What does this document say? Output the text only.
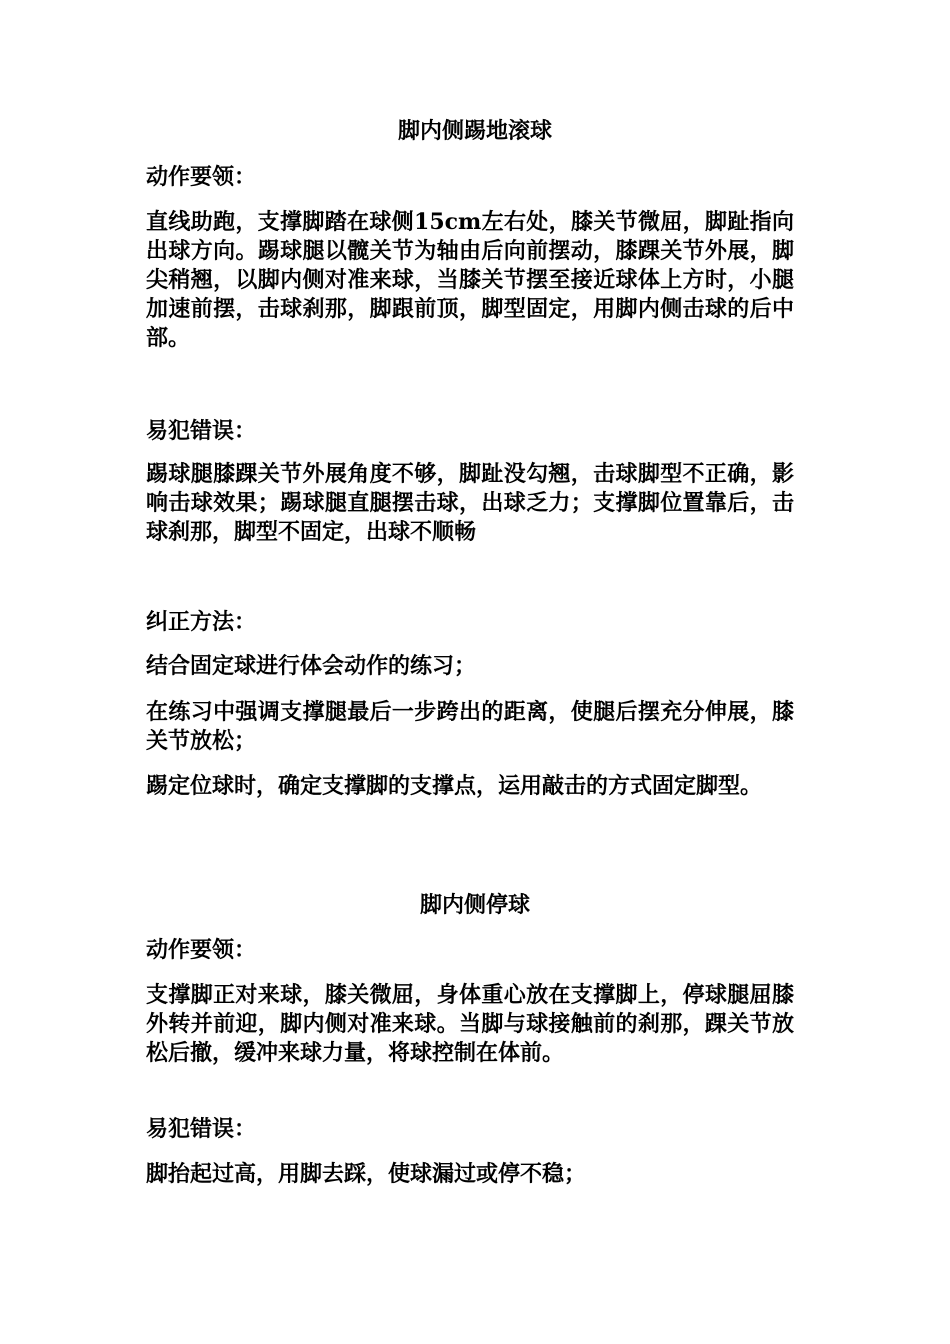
脚内侧踢地滚球

动作要领：

直线助跑，支撑脚踏在球侧15cm左右处，膝关节微屈，脚趾指向出球方向。踢球腿以髋关节为轴由后向前摆动，膝踝关节外展，脚尖稍翘，以脚内侧对准来球，当膝关节摆至接近球体上方时，小腿加速前摆，击球刹那，脚跟前顶，脚型固定，用脚内侧击球的后中部。

易犯错误：

踢球腿膝踝关节外展角度不够，脚趾没勾翘，击球脚型不正确，影响击球效果；踢球腿直腿摆击球，出球乏力；支撑脚位置靠后，击球刹那，脚型不固定，出球不顺畅

纠正方法：

结合固定球进行体会动作的练习；

在练习中强调支撑腿最后一步跨出的距离，使腿后摆充分伸展，膝关节放松；

踢定位球时，确定支撑脚的支撑点，运用敲击的方式固定脚型。

脚内侧停球

动作要领：

支撑脚正对来球，膝关微屈，身体重心放在支撑脚上，停球腿屈膝外转并前迎，脚内侧对准来球。当脚与球接触前的刹那，踝关节放松后撤，缓冲来球力量，将球控制在体前。

易犯错误：

脚抬起过高，用脚去踩，使球漏过或停不稳；
